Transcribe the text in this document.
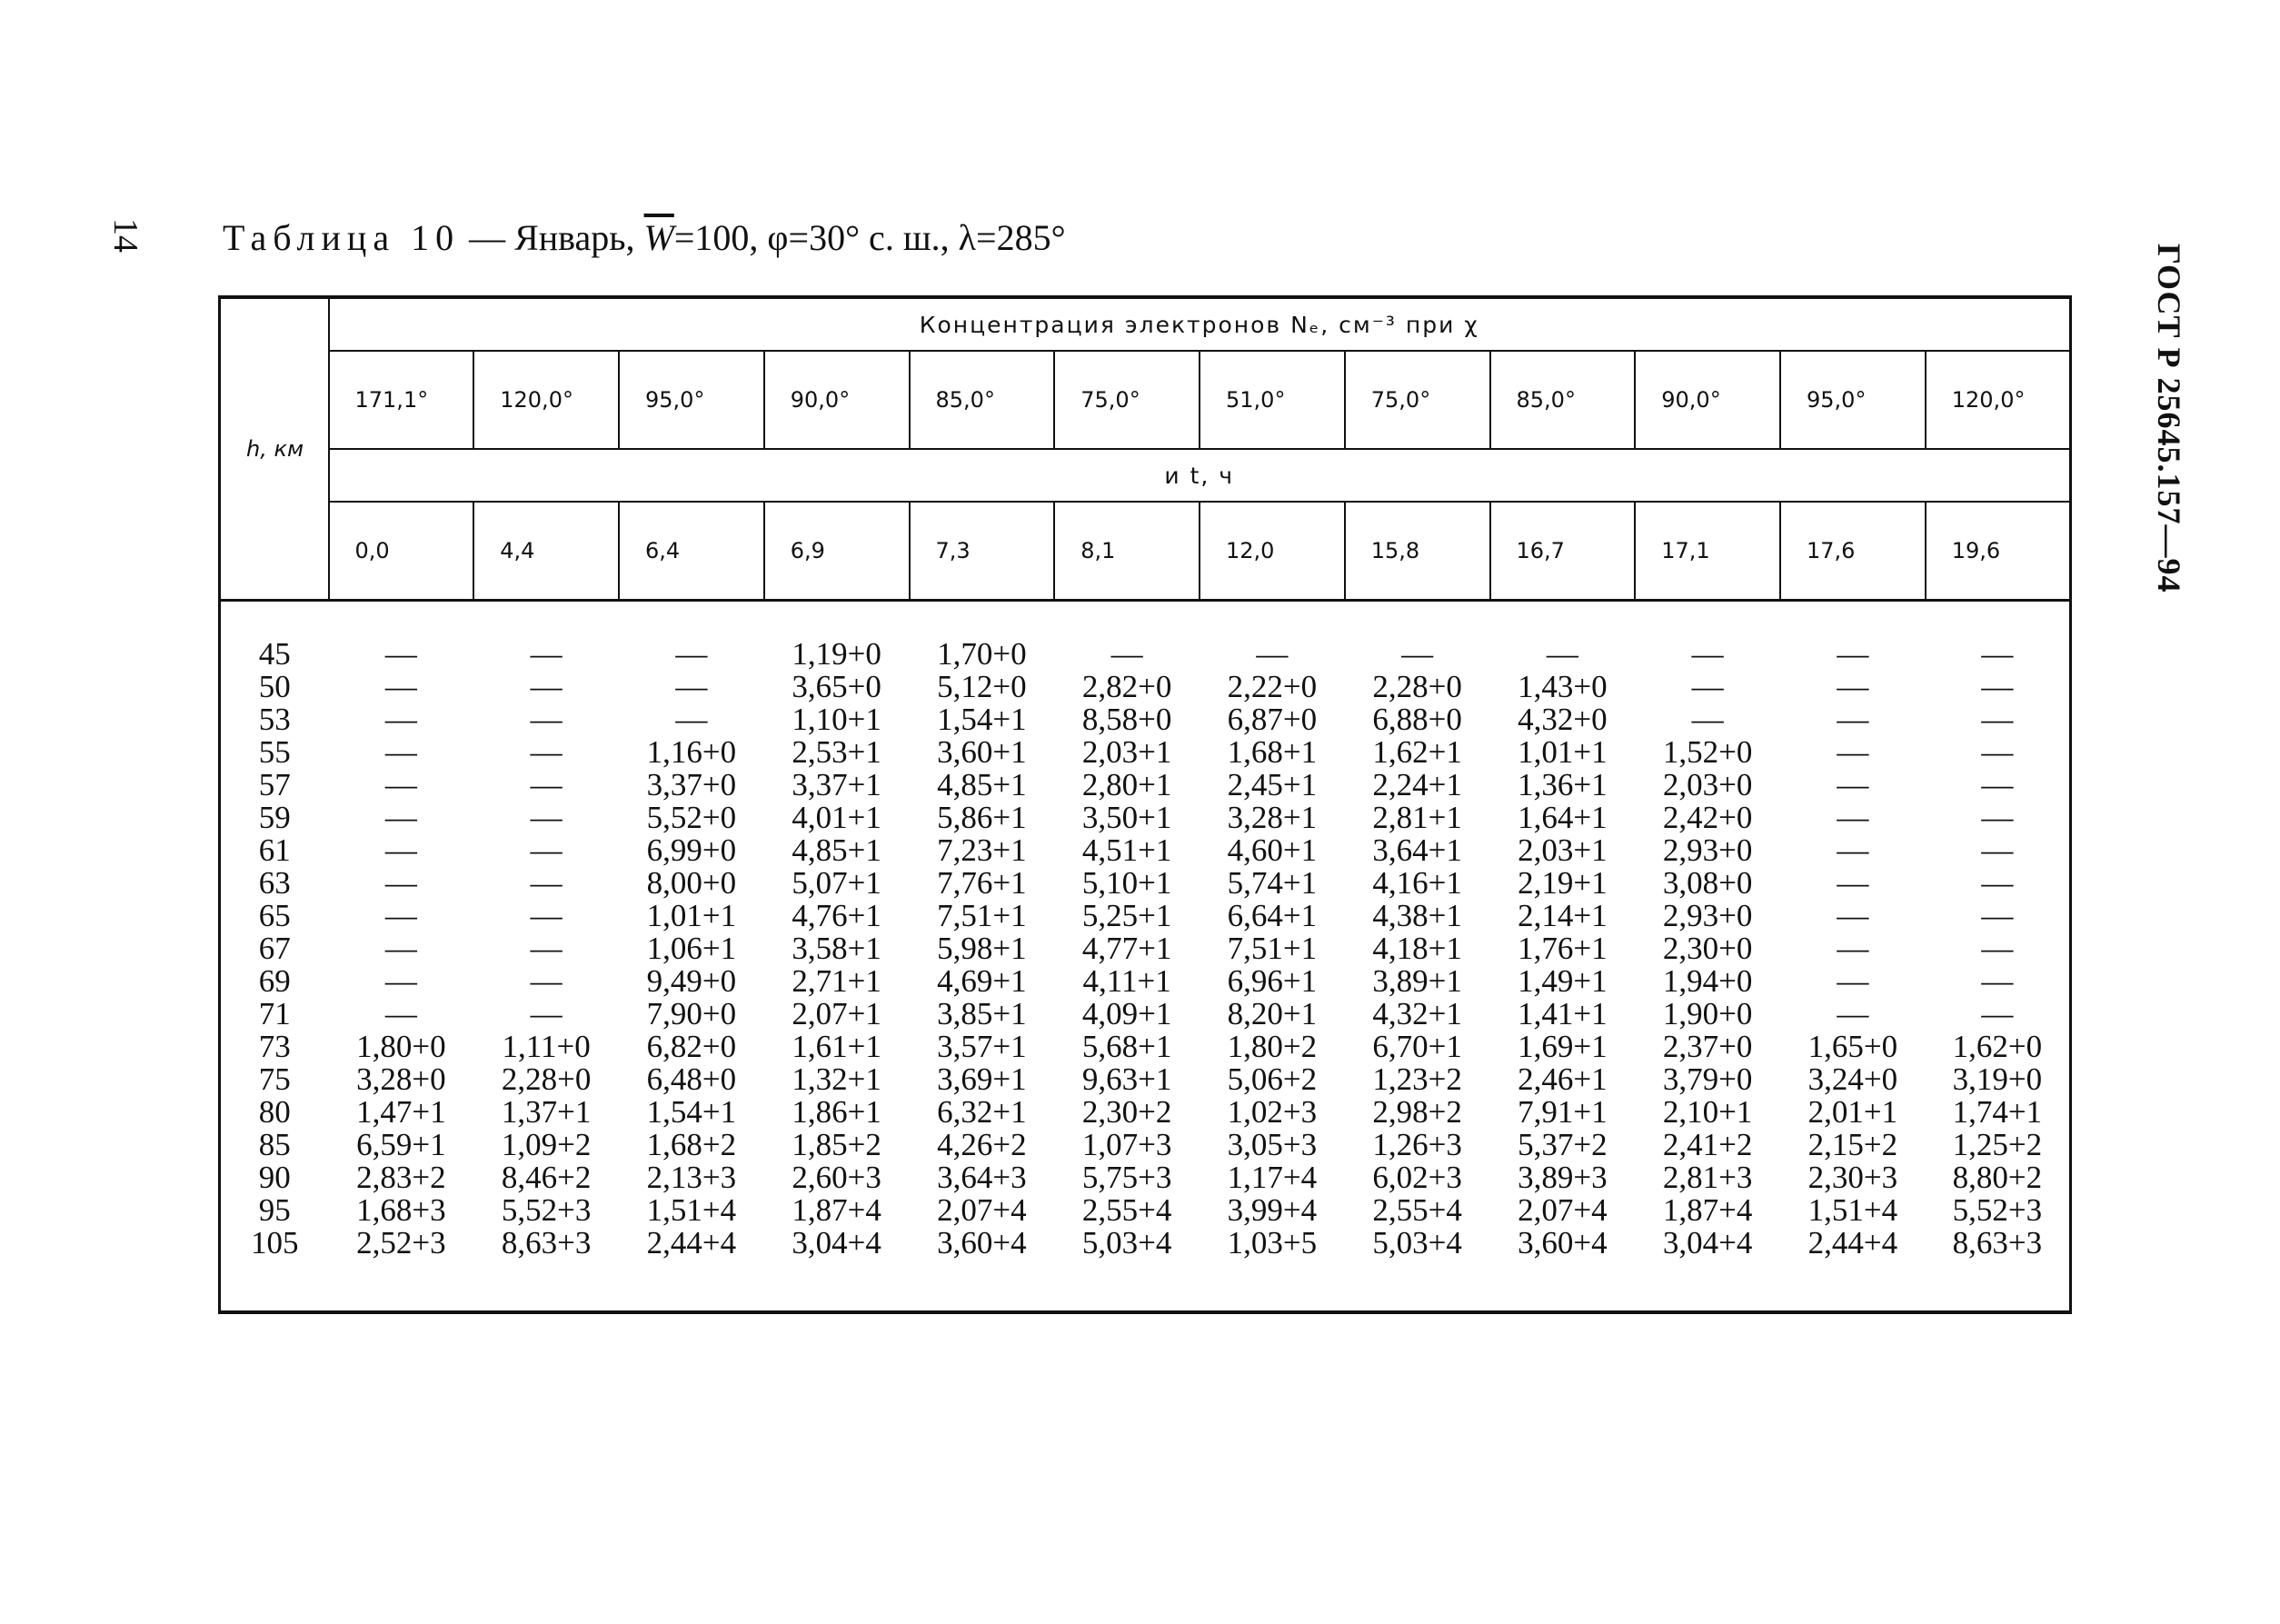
14
ГОСТ Р 25645.157—94
Таблица 10 — Январь, $\overline{W}=100$, φ=30° с. ш., λ=285°
h, км	Концентрация электронов Nₑ, см⁻³ при χ											
	171,1°	120,0°	95,0°	90,0°	85,0°	75,0°	51,0°	75,0°	85,0°	90,0°	95,0°	120,0°
	и t, ч											
	0,0	4,4	6,4	6,9	7,3	8,1	12,0	15,8	16,7	17,1	17,6	19,6

45	—	—	—	1,19+0	1,70+0	—	—	—	—	—	—	—
50	—	—	—	3,65+0	5,12+0	2,82+0	2,22+0	2,28+0	1,43+0	—	—	—
53	—	—	—	1,10+1	1,54+1	8,58+0	6,87+0	6,88+0	4,32+0	—	—	—
55	—	—	1,16+0	2,53+1	3,60+1	2,03+1	1,68+1	1,62+1	1,01+1	1,52+0	—	—
57	—	—	3,37+0	3,37+1	4,85+1	2,80+1	2,45+1	2,24+1	1,36+1	2,03+0	—	—
59	—	—	5,52+0	4,01+1	5,86+1	3,50+1	3,28+1	2,81+1	1,64+1	2,42+0	—	—
61	—	—	6,99+0	4,85+1	7,23+1	4,51+1	4,60+1	3,64+1	2,03+1	2,93+0	—	—
63	—	—	8,00+0	5,07+1	7,76+1	5,10+1	5,74+1	4,16+1	2,19+1	3,08+0	—	—
65	—	—	1,01+1	4,76+1	7,51+1	5,25+1	6,64+1	4,38+1	2,14+1	2,93+0	—	—
67	—	—	1,06+1	3,58+1	5,98+1	4,77+1	7,51+1	4,18+1	1,76+1	2,30+0	—	—
69	—	—	9,49+0	2,71+1	4,69+1	4,11+1	6,96+1	3,89+1	1,49+1	1,94+0	—	—
71	—	—	7,90+0	2,07+1	3,85+1	4,09+1	8,20+1	4,32+1	1,41+1	1,90+0	—	—
73	1,80+0	1,11+0	6,82+0	1,61+1	3,57+1	5,68+1	1,80+2	6,70+1	1,69+1	2,37+0	1,65+0	1,62+0
75	3,28+0	2,28+0	6,48+0	1,32+1	3,69+1	9,63+1	5,06+2	1,23+2	2,46+1	3,79+0	3,24+0	3,19+0
80	1,47+1	1,37+1	1,54+1	1,86+1	6,32+1	2,30+2	1,02+3	2,98+2	7,91+1	2,10+1	2,01+1	1,74+1
85	6,59+1	1,09+2	1,68+2	1,85+2	4,26+2	1,07+3	3,05+3	1,26+3	5,37+2	2,41+2	2,15+2	1,25+2
90	2,83+2	8,46+2	2,13+3	2,60+3	3,64+3	5,75+3	1,17+4	6,02+3	3,89+3	2,81+3	2,30+3	8,80+2
95	1,68+3	5,52+3	1,51+4	1,87+4	2,07+4	2,55+4	3,99+4	2,55+4	2,07+4	1,87+4	1,51+4	5,52+3
105	2,52+3	8,63+3	2,44+4	3,04+4	3,60+4	5,03+4	1,03+5	5,03+4	3,60+4	3,04+4	2,44+4	8,63+3
